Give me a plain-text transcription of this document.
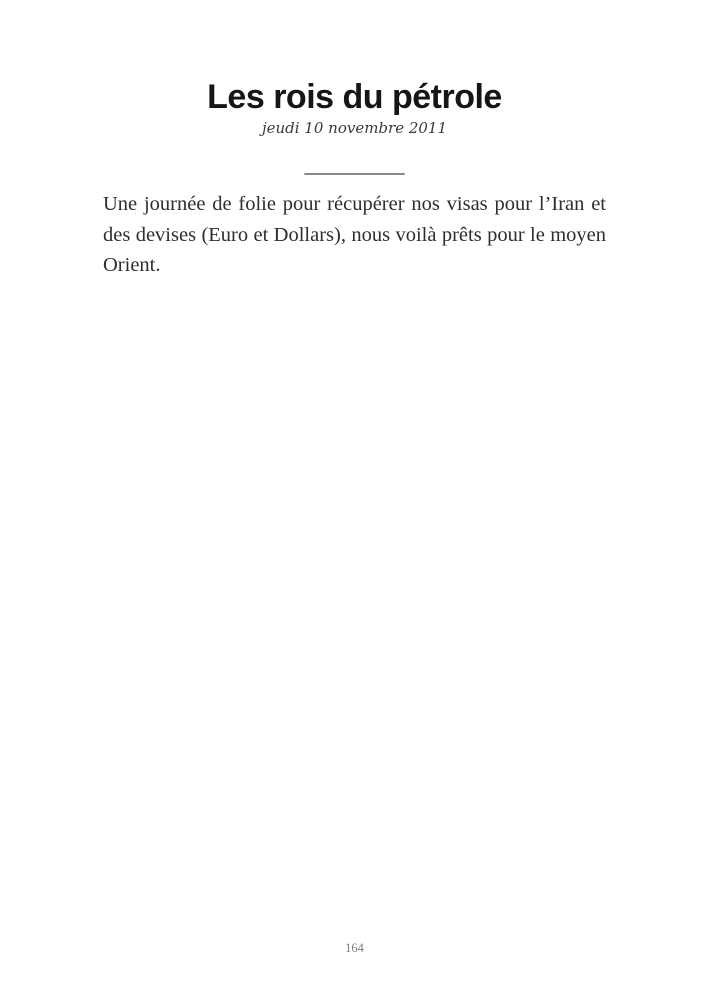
Les rois du pétrole
jeudi 10 novembre 2011
__________

Une journée de folie pour récupérer nos visas pour l’Iran et des devises (Euro et Dollars), nous voilà prêts pour le moyen Orient.

164
